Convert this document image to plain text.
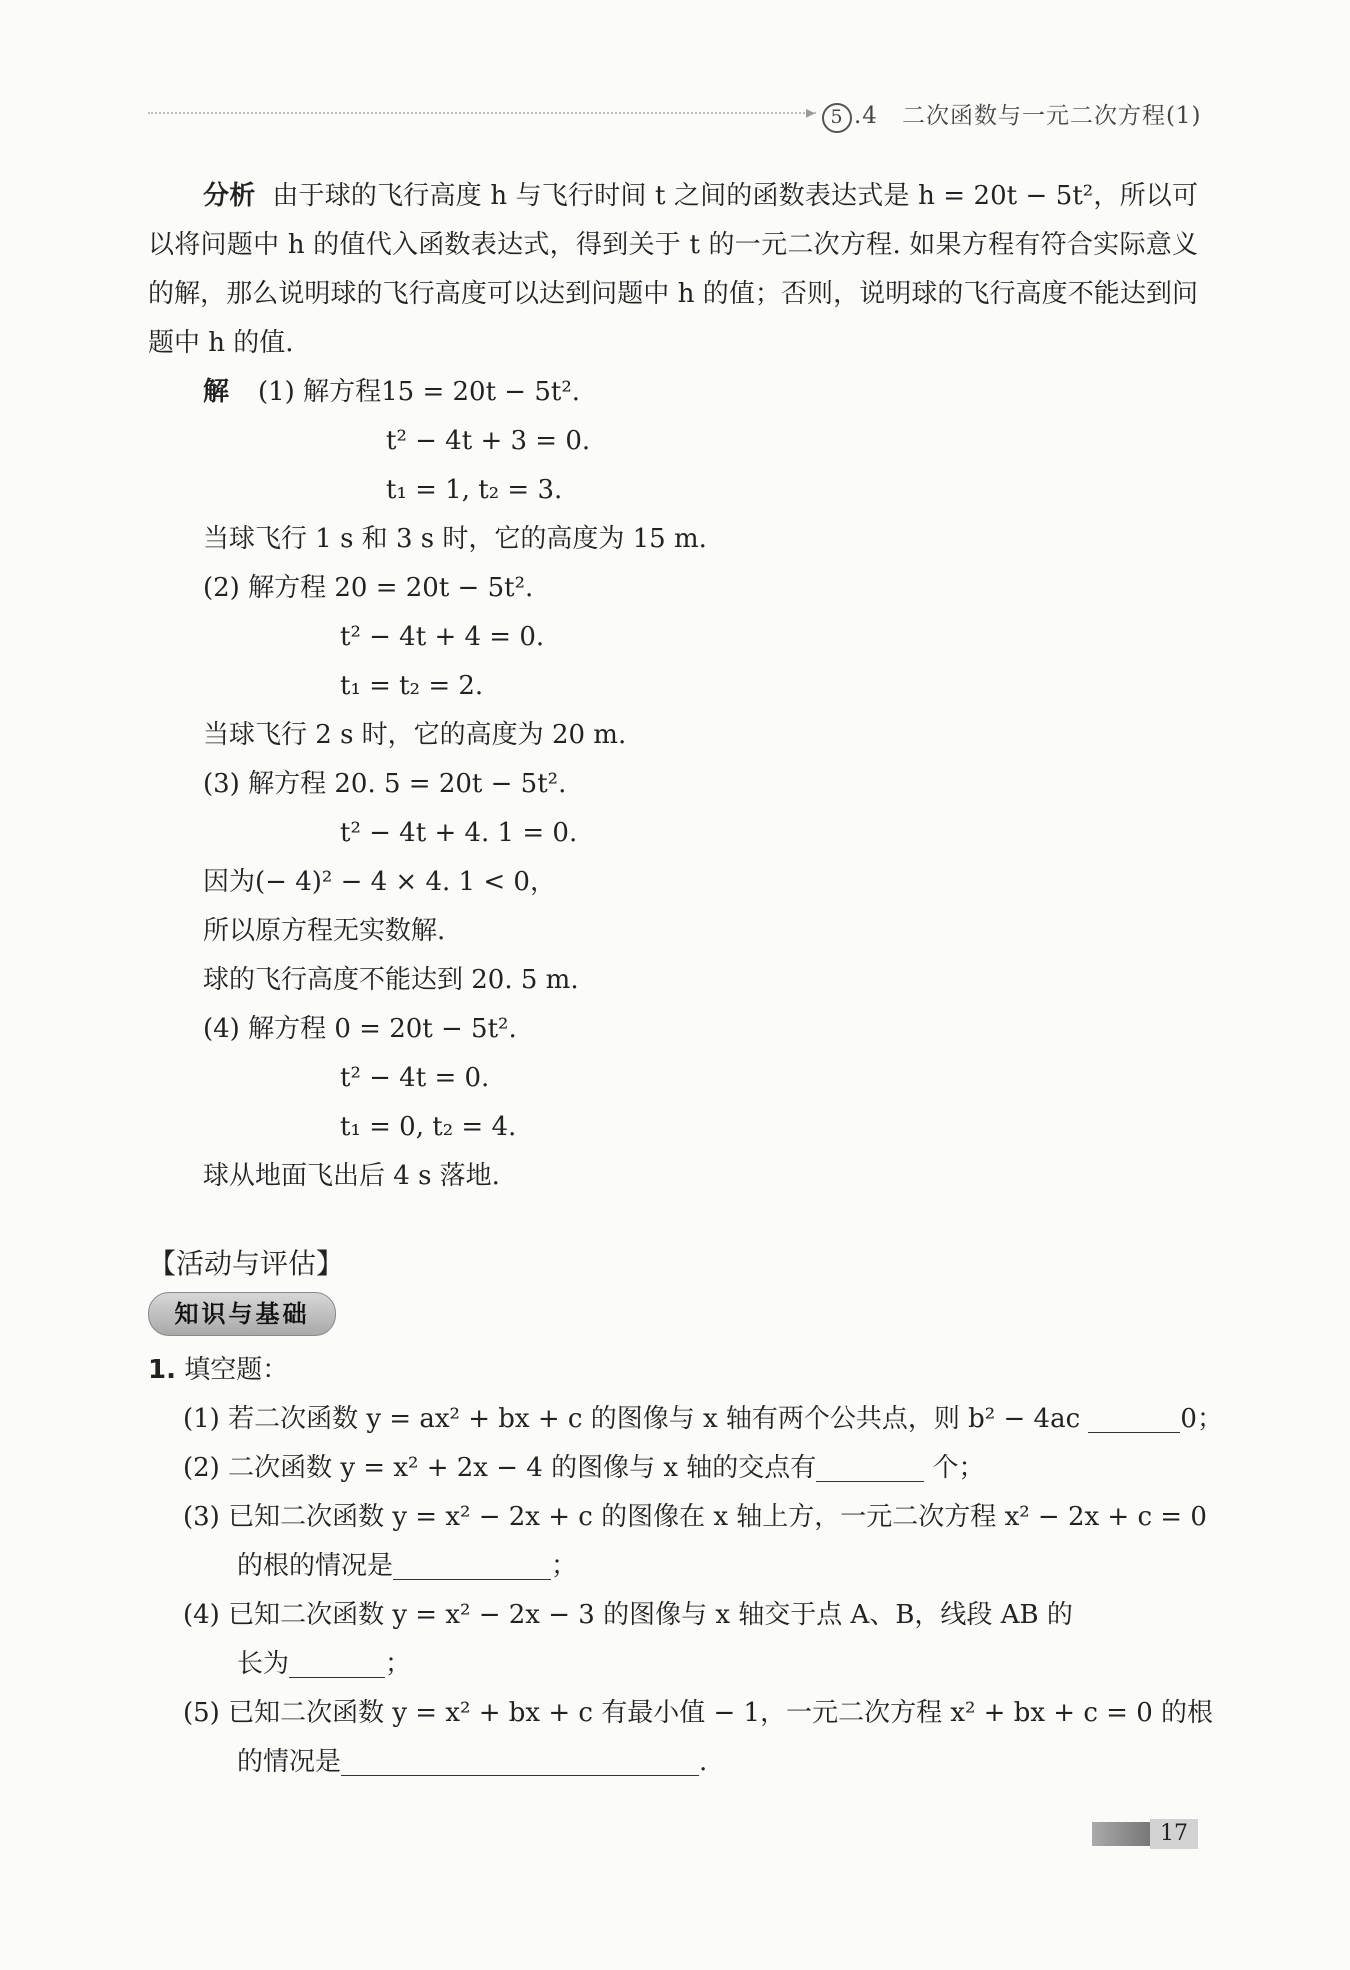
▸ 5 .4　二次函数与一元二次方程(1)
分析 由于球的飞行高度 h 与飞行时间 t 之间的函数表达式是 h = 20t − 5t²，所以可以将问题中 h 的值代入函数表达式，得到关于 t 的一元二次方程. 如果方程有符合实际意义的解，那么说明球的飞行高度可以达到问题中 h 的值；否则，说明球的飞行高度不能达到问题中 h 的值.
解 (1) 解方程15 = 20t − 5t².
t² − 4t + 3 = 0.
t₁ = 1, t₂ = 3.
当球飞行 1 s 和 3 s 时，它的高度为 15 m.
(2) 解方程 20 = 20t − 5t².
t² − 4t + 4 = 0.
t₁ = t₂ = 2.
当球飞行 2 s 时，它的高度为 20 m.
(3) 解方程 20. 5 = 20t − 5t².
t² − 4t + 4. 1 = 0.
因为(− 4)² − 4 × 4. 1 < 0，
所以原方程无实数解.
球的飞行高度不能达到 20. 5 m.
(4) 解方程 0 = 20t − 5t².
t² − 4t = 0.
t₁ = 0, t₂ = 4.
球从地面飞出后 4 s 落地.
【活动与评估】
知识与基础
1. 填空题：
(1) 若二次函数 y = ax² + bx + c 的图像与 x 轴有两个公共点，则 b² − 4ac	0；
(2) 二次函数 y = x² + 2x − 4 的图像与 x 轴的交点有	个；
(3) 已知二次函数 y = x² − 2x + c 的图像在 x 轴上方，一元二次方程 x² − 2x + c = 0
的根的情况是	；
(4) 已知二次函数 y = x² − 2x − 3 的图像与 x 轴交于点 A、B，线段 AB 的
长为	；
(5) 已知二次函数 y = x² + bx + c 有最小值 − 1，一元二次方程 x² + bx + c = 0 的根
的情况是	.
17
